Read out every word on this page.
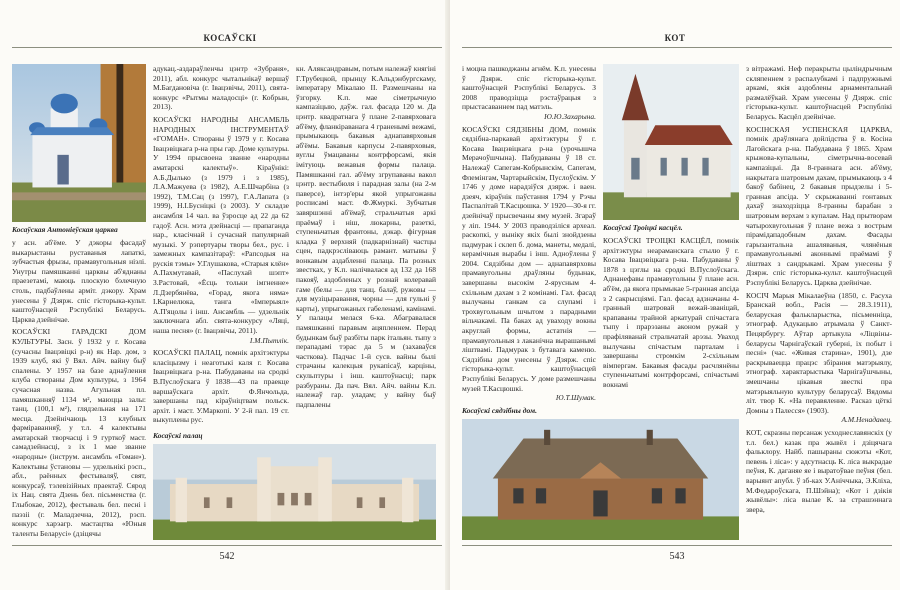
КОСАЎСКІ
Косаўская Антоніеўская царква

у асн. аб'ёме. У дэкоры фасадаў выкарыстаны руставаныя лапаткі, зубчастыя фрызы, прамавугольныя ніэлі. Унутры памяшканні царквы аб'яднаны праезетамі, маюць плоскую бэлечную столь, падбаўлены арміт. дэкору. Храм унесены ў Дзярж. спіс гісторыка-культ. каштоўнасцей Рэспублікі Беларусь. Царква дзейнічае.

КОСАЎСКІ ГАРАДСКІ ДОМ КУЛЬТУРЫ. Засн. ў 1932 у г. Косава (сучасны Івацэвіцкі р-н) як Нар. дом, з 1939 клуб, які ў Вял. Айч. вайну быў спалены. У 1957 на базе аднаўлення клуба створаны Дом культуры, з 1964 сучасная назва. Агульная пл. памяшканняў 1134 м², маюцца залы: танц. (100,1 м²), глядзельная на 171 месца. Дзейнічаюць 13 клубных фарміраванняў, у т.л. 4 калектывы аматарскай творчасці і 9 гурткоў маст. самадзейнасці, з іх 1 мае званне «народны» (інструм. ансамбль «Гоман»). Калектывы ўстановы — удзельнікі рэсп., абл., раённых фестываляў, свят, конкурсаў, тэлевізійных праектаў. Сярод іх Нац. свята Дзень бел. пісьменства (г. Глыбокае, 2012), фестываль бел. песні і паэзіі (г. Маладзечна, 2012), рэсп. конкурс харэагр. мастацтва «Юныя таленты Беларусі» (дзіцячы

адукац.-аздараўленчы цэнтр «Зубраня», 2011), абл. конкурс чытальнікаў вершаў М.Багдановіча (г. Івацэвічы, 2011), свята-конкурс «Рытмы маладосці» (г. Кобрын, 2013).

КОСАЎСКІ НАРОДНЫ АНСАМБЛЬ НАРОДНЫХ ІНСТРУМЕНТАЎ «ГОМАН». Створаны ў 1979 у г. Косава Івацэвіцкага р-на пры гар. Доме культуры. У 1994 прысвоена званне «народны аматарскі калектыў». Кіраўнікі: А.Б.Дылько (з 1979 і з 1985), Л.А.Мажуева (з 1982), А.Е.Шчарбіна (з 1992), Т.М.Сац (з 1997), Г.А.Лапата (з 1999), Н.І.Бусніцкі (з 2003). У складзе ансамбля 14 чал. ва ўзросце ад 22 да 62 гадоў. Асн. мэта дзейнасці — прапаганда нар., класічнай і сучаснай папулярнай музыкі. У рэпертуары творы бел., рус. і замежных кампазітараў: «Рапсодыя на рускія тэмы» У.Глушакова, «Старыя клён» А.Пахмутавай, «Паслухай шэпт» З.Растовай, «Ёсць тольки імгненне» Л.Дзербянёва, «Горад, якога няма» І.Карнелюка, танга «Імперыял» А.П'яцолы і інш. Ансамбль — удзельнік заключнага абл. свята-конкурсу «Ляці, наша песня» (г. Івацэвічы, 2011).

І.М.Пытлік.

КОСАЎСКІ ПАЛАЦ, помнік архітэктуры класіцызму і неаготыкі каля г. Косава Івацэвіцкага р-на. Пабудаваны на сродкі В.Пуслоўскага ў 1838—43 па праекце варшаўскага архіт. Ф.Янчольда, завершаны пад кіраўніцтвам польск. архіт. і маст. У.Маркопі. У 2-й пал. 19 ст. выкуплены рус.

кн. Аляксандравым, потым належаў княгіні Г.Трубецкой, прынцу К.Альдэнбургскаму, імператару Мікалаю ІІ. Размешчаны на ўзгорку. К.п. мае сіметрычную кампазіцыю, даўж. гал. фасада 120 м. Да цэнтр. квадратнага ў плане 2-павярховага аб'ёму, фланкіраванага 4 граненымі вежамі, прымыкаюць бакавыя аднапавярховыя аб'ёмы. Бакавыя карпусы 2-павярховыя, вуглы ўмацаваны контрфорсамі, якія імітуюць вежавыя формы палаца. Памяшканні гал. аб'ёму згрупаваны вакол цэнтр. вестыбюля і парадная залы (на 2-м паверсе), інтэр'еры якой упрыгожаны росписамі маст. Ф.Жмуркі. Зубчатыя завяршэнні аб'ёмаў, стральчатыя аркі праёмаў і ніш, люкарны, разеткі, ступеньчатыя франтоны, дэкар. фігурная кладка ў верхняй (падкарнізнай) частцы сцен, падкрэсліваюць рамант. матывы ў вонкавым аздабленні палаца. Па розных звестках, у К.п. налічвалася ад 132 да 168 пакояў, аздобленых у рознай колеравай гаме (белы — для танц. балаў, ружовы — для музіцыравання, чорны — для гульні ў карты), упрыгожаных габеленамі, камінамі. У палацы мелася 6-ка. Абагравалася памяшканні паравым ацяпленнем. Перад будынкам быў разбіты парк італьян. тыпу з перападамі тэрас да 5 м (захаваўся часткова). Падчас 1-й сусв. вайны былі страчаны калекцыя рукапісаў, карціны, скульптуры і інш. каштоўнасці; парк разбураны. Да пач. Вял. Айч. вайны К.п. належаў гар. уладам; у вайну быў падпалены

Косаўскі палац
542
КОТ

і моцна пашкоджаны агнём. К.п. унесены ў Дзярж. спіс гісторыка-культ. каштоўнасцей Рэспублікі Беларусь. З 2008 праводзіцца рэстаўрацыя з прыстасаваннем пад матэль.

Ю.Ю.Захарына.

КОСАЎСКІ СЯДЗІБНЫ ДОМ, помнік сядзібна-паркавай архітэктуры ў г. Косава Івацэвіцкага р-на (урочышча Мерачоўшчына). Пабудаваны ў 18 ст. Належаў Сапегам-Кобрынскім, Сапегам, Флемінгам, Чартарыйскім, Пуслоўскім. У 1746 у доме нарадзіўся дзярж. і ваен. дзеяч, кіраўнік паўстання 1794 у Рэчы Паспалітай Т.Касцюшка. У 1920—30-я гг. дзейнічаў прысвечаны яму музей. Згараў у ліп. 1944. У 2003 праводзіліся археал. раскопкі, у выніку якіх былі знойдзены падмурак і склеп б. дома, манеты, медалі, керамічныя вырабы і інш. Адноўлены ў 2004. Сядзібны дом — аднапавярховы прамавугольны драўляны будынак, завершаны высокім 2-ярусным 4-схільным дахам з 2 комінамі. Гал. фасад вылучаны ганкам са слупамі і трохвугольным шчытом з парадными вільчакамі. Па баках ад уваходу вокны акруглай формы, астатнія — прамавугольныя з лаканічна вырашанымі ліштвамі. Падмурак з бутавага каменю. Сядзібны дом унесены ў Дзярж. спіс гісторыка-культ. каштоўнасцей Рэспублікі Беларусь. У доме размешчаны музей Т.Касцюшкі.

Ю.Т.Шумак.
Косаўскі Троіцкі касцёл.

КОСАЎСКІ ТРОІЦКІ КАСЦЁЛ, помнік архітэктуры неараманскага стылю ў г. Косава Івацэвіцкага р-на. Пабудаваны ў 1878 з цэглы на сродкі В.Пуслоўскага. Аднанефавы прамавугольны ў плане асн. аб'ём, да якога прымыкае 5-гранная апсіда з 2 сакрысціямі. Гал. фасад адзначаны 4-гранный шатровай вежай-званіцай, крапаваны трайной аркатурай спічастага тыпу і прарэзаны аконом ружай у прафіляванай стральчатай арэзы. Уваход вылучаны спічастым парталам і завершаны стромкім 2-схільным вімпергам. Бакавыя фасады расчлянёны ступеньчатымі контрфорсамі, спічастымі вокнамі

Косаўскі сядзібны дом.

з вітражамі. Неф перакрыты цыліндрычным скляпеннем з распалубкамі і падпружнымі аркамі, якія аздоблены арнаментальнай размалёўкай. Храм унесены ў Дзярж. спіс гісторыка-культ. каштоўнасцей Рэспублікі Беларусь. Касцёл дзейнічае.

КОСІНСКАЯ УСПЕНСКАЯ ЦАРКВА, помнік драўлянага дойлідства ў в. Косіна Лагойскага р-на. Пабудавана ў 1865. Храм крыжова-купальны, сіметрычна-восевай кампазіцыі. Да 8-граннага асн. аб'ёму, накрытага шатровым дахам, прымыкаюць з 4 бакоў бабінец, 2 бакавыя прыдзелы і 5-гранная апсіда. У скрыжаванні гонтавых дахаў знаходзіцца 8-гранны барабан з шатровым верхам з купалам. Над прытворам чатырохвугольная ў плане вежа з вострым пірамідападобным дахам. Фасады гарызантальна ашаляваныя, члянёныя прамавугольнымі аконнымі праёмамі ў ліштвах з сандрыкамі. Храм унесены ў Дзярж. спіс гісторыка-культ. каштоўнасцей Рэспублікі Беларусь. Царква дзейнічае.

КОСІЧ Марыя Мікалаеўна (1850, с. Расуха Бранскай вобл., Расія — 28.3.1911), беларуская фалькларыстка, пісьменніца, этнограф. Адукацыю атрымала ў Санкт-Пецярбургу. Аўтар артыкула «Ліцвіны-беларусы Чарнігаўскай губерні, іх побыт і песні» (час. «Живая старина», 1901), дзе раскрываецца працэс збірання матэрыялу, этнограф. характарыстыка Чарнігаўшчыны, змешчаны цікавыя звесткі пра матэрыяльную культуру беларусаў. Вядомы літ. твор К. «На перавяленне. Расказ цёткі Домны з Палесся» (1903).

А.М.Ненадавец.

КОТ, скразны персанаж усходнеславянскіх (у т.л. бел.) казак пра жывёл і дзіцячага фальклору. Найб. пашыраны сюжэты «Кот, певень і ліса»: у адсутнасць К. ліса выкрадае пеўня, К. даганяе яе і выратоўвае пеўня (бел. варыянт апубл. ў зб-ках У.Аніччыка, Э.Кліха, М.Федароўскага, П.Шэйна); «Кот і дзікія жывёлы»: ліса вылае К. за страшэннага звера,

543
